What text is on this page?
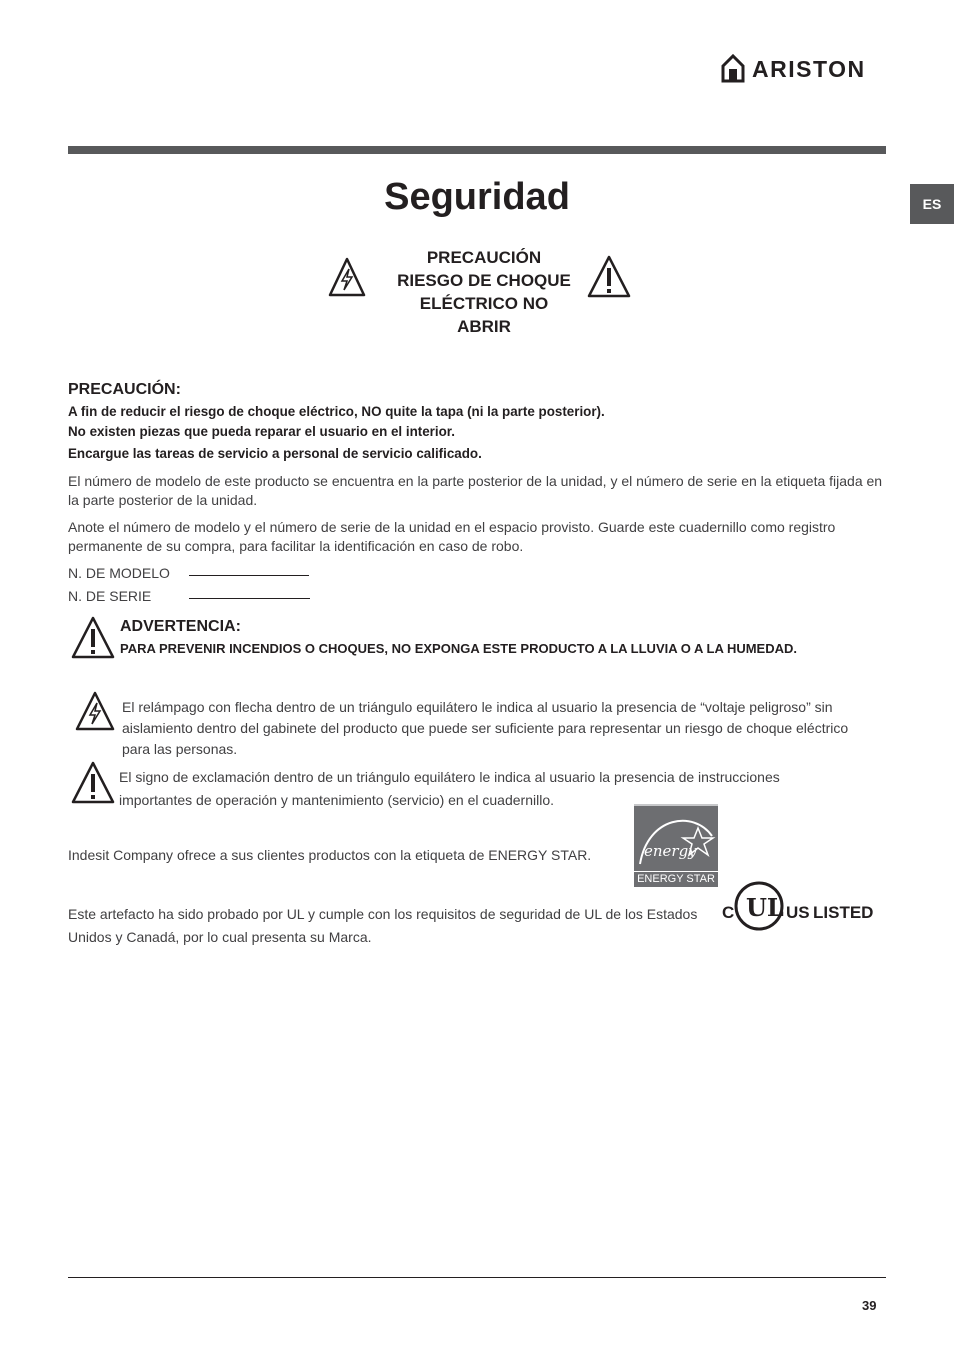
ARISTON
ES
Seguridad
PRECAUCIÓN
RIESGO DE CHOQUE
ELÉCTRICO NO
ABRIR
PRECAUCIÓN:
A fin de reducir el riesgo de choque eléctrico, NO quite la tapa (ni la parte posterior).
No existen piezas que pueda reparar el usuario en el interior.
Encargue las tareas de servicio a personal de servicio calificado.
El número de modelo de este producto se encuentra en la parte posterior de la unidad, y el número de serie en la etiqueta fijada en la parte posterior de la unidad.
Anote el número de modelo y el número de serie de la unidad en el espacio provisto. Guarde este cuadernillo como registro permanente de su compra, para facilitar la identificación en caso de robo.
N. DE MODELO
N. DE SERIE
ADVERTENCIA:
PARA PREVENIR INCENDIOS O CHOQUES, NO EXPONGA ESTE PRODUCTO A LA LLUVIA O A LA HUMEDAD.
El relámpago con flecha dentro de un triángulo equilátero le indica al usuario la presencia de “voltaje peligroso” sin aislamiento dentro del gabinete del producto que puede ser suficiente para representar un riesgo de choque eléctrico para las personas.
El signo de exclamación dentro de un triángulo equilátero le indica al usuario la presencia de instrucciones importantes de operación y mantenimiento (servicio) en el cuadernillo.
Indesit Company ofrece a sus clientes productos con la etiqueta de ENERGY STAR.	energy
ENERGY STAR
Este artefacto ha sido probado por UL y cumple con los requisitos de seguridad de UL de los Estados Unidos y Canadá, por lo cual presenta su Marca.
C UL US LISTED
39
